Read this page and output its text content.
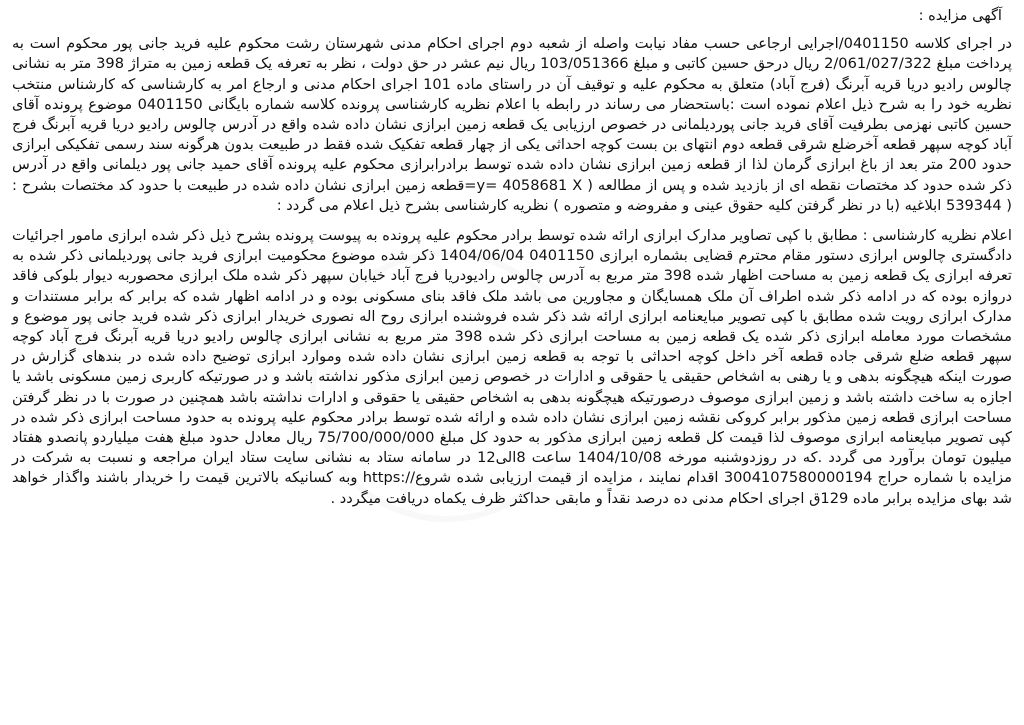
آگهی مزایده :
در اجرای کلاسه 0401150/اجرایی ارجاعی حسب مفاد نیابت واصله از شعبه دوم اجرای احکام مدنی شهرستان رشت محکوم علیه فرید جانی پور محکوم است به پرداخت مبلغ 2/061/027/322 ریال درحق حسین کاتبی و مبلغ 103/051366 ریال نیم عشر در حق دولت ، نظر به تعرفه یک قطعه زمین به متراژ 398 متر به نشانی چالوس رادیو دریا قریه آبرنگ (فرج آباد) متعلق به محکوم علیه و توقیف آن در راستای ماده 101 اجرای احکام مدنی و ارجاع امر به کارشناسی که کارشناس منتخب نظریه خود را به شرح ذیل اعلام نموده است :باستحضار می رساند در رابطه با اعلام نظریه کارشناسی پرونده کلاسه شماره بایگانی 0401150 موضوع پرونده آقای حسین کاتبی نهزمی بطرفیت آقای فرید جانی پوردیلمانی در خصوص ارزیابی یک قطعه زمین ابرازی نشان داده شده واقع در آدرس چالوس رادیو دریا قریه آبرنگ فرج آباد کوچه سپهر قطعه آخرضلع شرقی قطعه دوم انتهای بن بست کوچه احداثی یکی از چهار قطعه تفکیک شده فقط در طبیعت بدون هرگونه سند رسمی تفکیکی ابرازی حدود 200 متر بعد از باغ ابرازی گرمان لذا از قطعه زمین ابرازی نشان داده شده توسط برادرابرازی محکوم علیه پرونده آقای حمید جانی پور دیلمانی واقع در آدرس ذکر شده حدود کد مختصات نقطه ای از بازدید شده و پس از مطالعه ( y= 4058681 X=قطعه زمین ابرازی نشان داده شده در طبیعت با حدود کد مختصات بشرح : ( 539344 ابلاغیه (با در نظر گرفتن کلیه حقوق عینی و مفروضه و متصوره ) نظریه کارشناسی بشرح ذیل اعلام می گردد :
اعلام نظریه کارشناسی : مطابق با کپی تصاویر مدارک ابرازی ارائه شده توسط برادر محکوم علیه پرونده به پیوست پرونده بشرح ذیل ذکر شده ابرازی مامور اجرائیات دادگستری چالوس ابرازی دستور مقام محترم قضایی بشماره ابرازی 0401150 1404/06/04 ذکر شده موضوع محکومیت ابرازی فرید جانی پوردیلمانی ذکر شده به تعرفه ابرازی یک قطعه زمین به مساحت اظهار شده 398 متر مربع به آدرس چالوس رادیودریا فرج آباد خیابان سپهر ذکر شده ملک ابرازی محصوربه دیوار بلوکی فاقد دروازه بوده که در ادامه ذکر شده اطراف آن ملک همسایگان و مجاورین می باشد ملک فاقد بنای مسکونی بوده و در ادامه اظهار شده که برابر که برابر مستندات و مدارک ابرازی رویت شده مطابق با کپی تصویر مبایعنامه ابرازی ارائه شد ذکر شده فروشنده ابرازی روح اله نصوری خریدار ابرازی ذکر شده فرید جانی پور موضوع و مشخصات مورد معامله ابرازی ذکر شده یک قطعه زمین به مساحت ابرازی ذکر شده 398 متر مربع به نشانی ابرازی چالوس رادیو دریا قریه آبرنگ فرج آباد کوچه سپهر قطعه ضلع شرقی جاده قطعه آخر داخل کوچه احداثی با توجه به قطعه زمین ابرازی نشان داده شده وموارد ابرازی توضیح داده شده در بندهای گزارش در صورت اینکه هیچگونه بدهی و یا رهنی به اشخاص حقیقی یا حقوقی و ادارات در خصوص زمین ابرازی مذکور نداشته باشد و در صورتیکه کاربری زمین مسکونی باشد یا اجازه به ساخت داشته باشد و زمین ابرازی موصوف درصورتیکه هیچگونه بدهی به اشخاص حقیقی یا حقوقی و ادارات نداشته باشد همچنین در صورت با در نظر گرفتن مساحت ابرازی قطعه زمین مذکور برابر کروکی نقشه زمین ابرازی نشان داده شده و ارائه شده توسط برادر محکوم علیه پرونده به حدود مساحت ابرازی ذکر شده در کپی تصویر مبایعنامه ابرازی موصوف لذا قیمت کل قطعه زمین ابرازی مذکور به حدود کل مبلغ 75/700/000/000 ریال معادل حدود مبلغ هفت میلیاردو پانصدو هفتاد میلیون تومان برآورد می گردد .که در روزدوشنبه مورخه 1404/10/08 ساعت 8الی12 در سامانه ستاد به نشانی سایت ستاد ایران مراجعه و نسبت به شرکت در مزایده با شماره حراج 3004107580000194 اقدام نمایند ، مزایده از قیمت ارزیابی شده شروع//:https وبه کسانیکه بالاترین قیمت را خریدار باشند واگذار خواهد شد بهای مزایده برابر ماده 129ق اجرای احکام مدنی ده درصد نقداً و مابقی حداکثر ظرف یکماه دریافت میگردد .
